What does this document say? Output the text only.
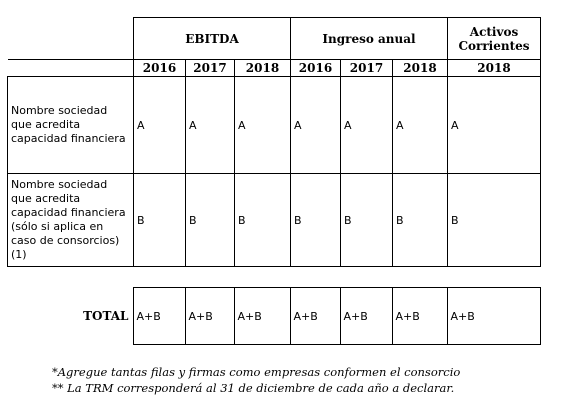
	EBITDA			Ingreso anual			Activos
Corrientes
	2016	2017	2018	2016	2017	2018	2018
Nombre sociedad que acredita capacidad financiera	A	A	A	A	A	A	A
Nombre sociedad que acredita capacidad financiera (sólo si aplica en caso de consorcios) (1)	B	B	B	B	B	B	B
TOTAL	A+B	A+B	A+B	A+B	A+B	A+B	A+B
*Agregue tantas filas y firmas como empresas conformen el consorcio
** La TRM corresponderá al 31 de diciembre de cada año a declarar.
